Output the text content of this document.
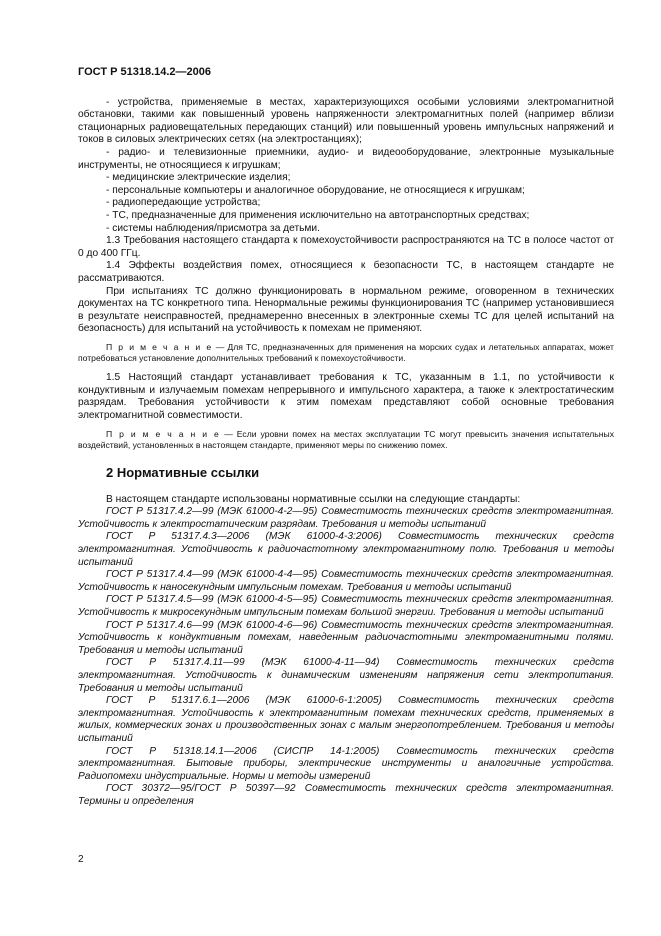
ГОСТ Р 51318.14.2—2006

- устройства, применяемые в местах, характеризующихся особыми условиями электромагнитной обстановки, такими как повышенный уровень напряженности электромагнитных полей (например вблизи стационарных радиовещательных передающих станций) или повышенный уровень импульсных напряжений и токов в силовых электрических сетях (на электростанциях);

- радио- и телевизионные приемники, аудио- и видеооборудование, электронные музыкальные инструменты, не относящиеся к игрушкам;

- медицинские электрические изделия;

- персональные компьютеры и аналогичное оборудование, не относящиеся к игрушкам;

- радиопередающие устройства;

- ТС, предназначенные для применения исключительно на автотранспортных средствах;

- системы наблюдения/присмотра за детьми.

1.3 Требования настоящего стандарта к помехоустойчивости распространяются на ТС в полосе частот от 0 до 400 ГГц.

1.4 Эффекты воздействия помех, относящиеся к безопасности ТС, в настоящем стандарте не рассматриваются.

При испытаниях ТС должно функционировать в нормальном режиме, оговоренном в технических документах на ТС конкретного типа. Ненормальные режимы функционирования ТС (например установившиеся в результате неисправностей, преднамеренно внесенных в электронные схемы ТС для целей испытаний на безопасность) для испытаний на устойчивость к помехам не применяют.

П р и м е ч а н и е — Для ТС, предназначенных для применения на морских судах и летательных аппаратах, может потребоваться установление дополнительных требований к помехоустойчивости.

1.5 Настоящий стандарт устанавливает требования к ТС, указанным в 1.1, по устойчивости к кондуктивным и излучаемым помехам непрерывного и импульсного характера, а также к электростатическим разрядам. Требования устойчивости к этим помехам представляют собой основные требования электромагнитной совместимости.

П р и м е ч а н и е — Если уровни помех на местах эксплуатации ТС могут превысить значения испытательных воздействий, установленных в настоящем стандарте, применяют меры по снижению помех.
2 Нормативные ссылки

В настоящем стандарте использованы нормативные ссылки на следующие стандарты:

ГОСТ Р 51317.4.2—99 (МЭК 61000-4-2—95) Совместимость технических средств электромагнитная. Устойчивость к электростатическим разрядам. Требования и методы испытаний

ГОСТ Р 51317.4.3—2006 (МЭК 61000-4-3:2006) Совместимость технических средств электромагнитная. Устойчивость к радиочастотному электромагнитному полю. Требования и методы испытаний

ГОСТ Р 51317.4.4—99 (МЭК 61000-4-4—95) Совместимость технических средств электромагнитная. Устойчивость к наносекундным импульсным помехам. Требования и методы испытаний

ГОСТ Р 51317.4.5—99 (МЭК 61000-4-5—95) Совместимость технических средств электромагнитная. Устойчивость к микросекундным импульсным помехам большой энергии. Требования и методы испытаний

ГОСТ Р 51317.4.6—99 (МЭК 61000-4-6—96) Совместимость технических средств электромагнитная. Устойчивость к кондуктивным помехам, наведенным радиочастотными электромагнитными полями. Требования и методы испытаний

ГОСТ Р 51317.4.11—99 (МЭК 61000-4-11—94) Совместимость технических средств электромагнитная. Устойчивость к динамическим изменениям напряжения сети электропитания. Требования и методы испытаний

ГОСТ Р 51317.6.1—2006 (МЭК 61000-6-1:2005) Совместимость технических средств электромагнитная. Устойчивость к электромагнитным помехам технических средств, применяемых в жилых, коммерческих зонах и производственных зонах с малым энергопотреблением. Требования и методы испытаний

ГОСТ Р 51318.14.1—2006 (СИСПР 14-1:2005) Совместимость технических средств электромагнитная. Бытовые приборы, электрические инструменты и аналогичные устройства. Радиопомехи индустриальные. Нормы и методы измерений

ГОСТ 30372—95/ГОСТ Р 50397—92 Совместимость технических средств электромагнитная. Термины и определения

2
